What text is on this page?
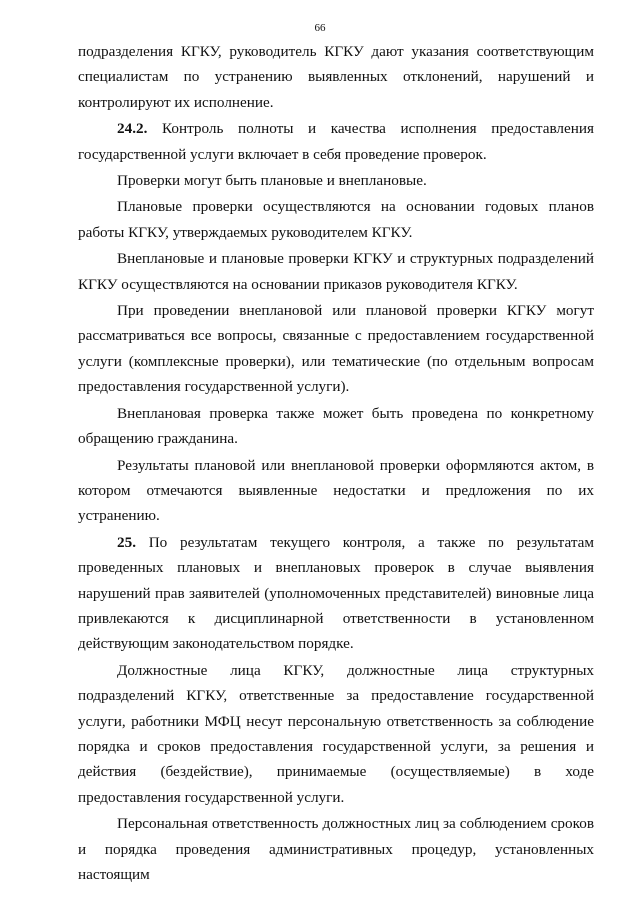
66

подразделения КГКУ, руководитель КГКУ дают указания соответствующим специалистам по устранению выявленных отклонений, нарушений и контролируют их исполнение.

24.2. Контроль полноты и качества исполнения предоставления государственной услуги включает в себя проведение проверок.

Проверки могут быть плановые и внеплановые.

Плановые проверки осуществляются на основании годовых планов работы КГКУ, утверждаемых руководителем КГКУ.

Внеплановые и плановые проверки КГКУ и структурных подразделений КГКУ осуществляются на основании приказов руководителя КГКУ.

При проведении внеплановой или плановой проверки КГКУ могут рассматриваться все вопросы, связанные с предоставлением государственной услуги (комплексные проверки), или тематические (по отдельным вопросам предоставления государственной услуги).

Внеплановая проверка также может быть проведена по конкретному обращению гражданина.

Результаты плановой или внеплановой проверки оформляются актом, в котором отмечаются выявленные недостатки и предложения по их устранению.

25. По результатам текущего контроля, а также по результатам проведенных плановых и внеплановых проверок в случае выявления нарушений прав заявителей (уполномоченных представителей) виновные лица привлекаются к дисциплинарной ответственности в установленном действующим законодательством порядке.

Должностные лица КГКУ, должностные лица структурных подразделений КГКУ, ответственные за предоставление государственной услуги, работники МФЦ несут персональную ответственность за соблюдение порядка и сроков предоставления государственной услуги, за решения и действия (бездействие), принимаемые (осуществляемые) в ходе предоставления государственной услуги.

Персональная ответственность должностных лиц за соблюдением сроков и порядка проведения административных процедур, установленных настоящим
